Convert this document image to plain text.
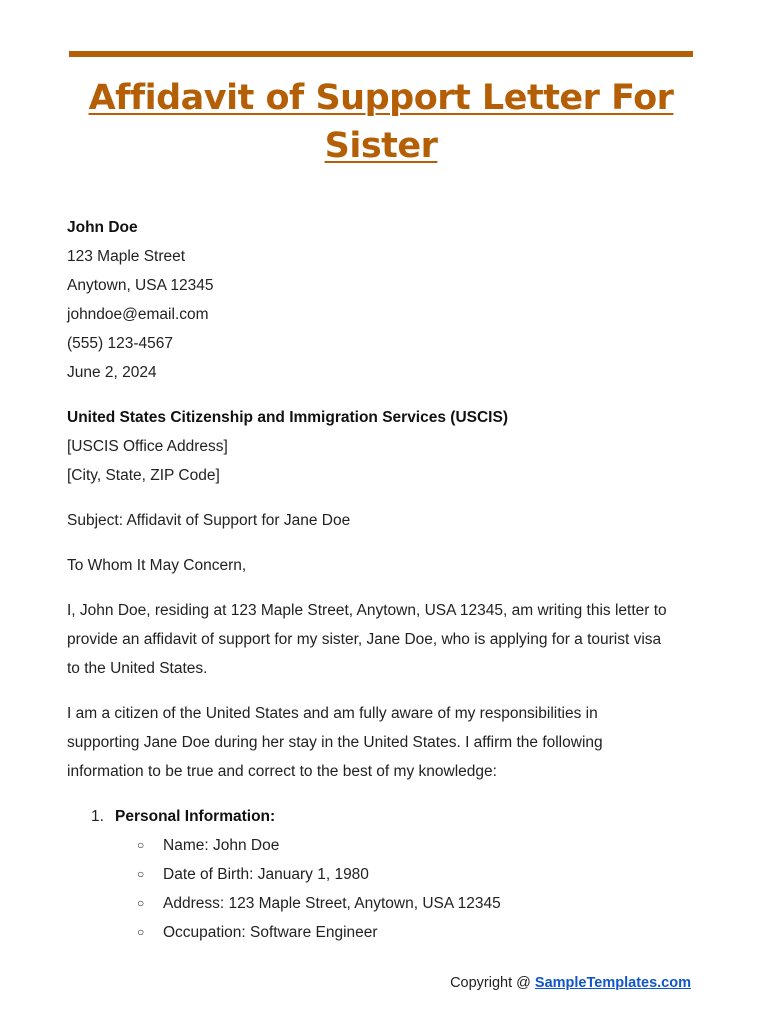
Affidavit of Support Letter For
Sister
John Doe
123 Maple Street
Anytown, USA 12345
johndoe@email.com
(555) 123-4567
June 2, 2024
United States Citizenship and Immigration Services (USCIS)
[USCIS Office Address]
[City, State, ZIP Code]

Subject: Affidavit of Support for Jane Doe

To Whom It May Concern,

I, John Doe, residing at 123 Maple Street, Anytown, USA 12345, am writing this letter to
provide an affidavit of support for my sister, Jane Doe, who is applying for a tourist visa
to the United States.

I am a citizen of the United States and am fully aware of my responsibilities in
supporting Jane Doe during her stay in the United States. I affirm the following
information to be true and correct to the best of my knowledge:

1. Personal Information:
○ Name: John Doe
○ Date of Birth: January 1, 1980
○ Address: 123 Maple Street, Anytown, USA 12345
○ Occupation: Software Engineer
Copyright @ SampleTemplates.com
